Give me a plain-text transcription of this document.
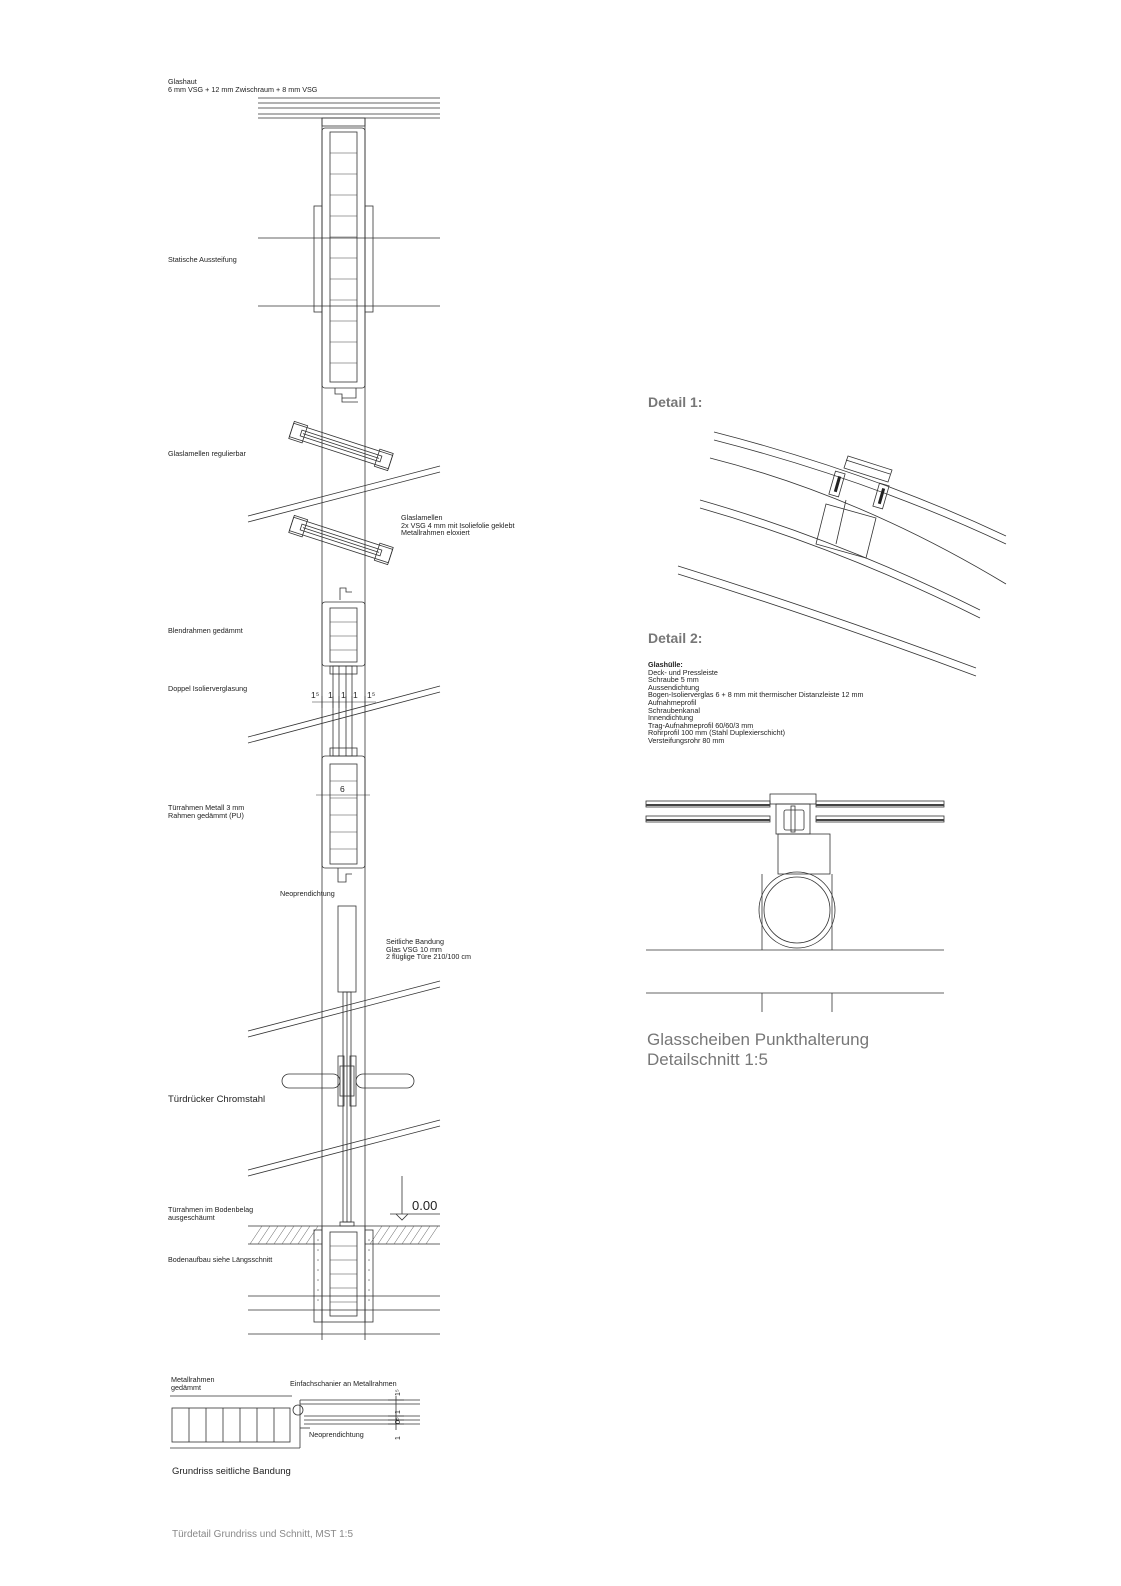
1⁵ 1 1 1 1⁵
6
0.00
1⁵
1
0⁵
1
Glashaut
6 mm VSG + 12 mm Zwischraum + 8 mm VSG
Statische Aussteifung
Glaslamellen regulierbar
Glaslamellen
2x VSG 4 mm mit Isoliefolie geklebt
Metallrahmen eloxiert
Blendrahmen gedämmt
Doppel Isolierverglasung
Türrahmen Metall 3 mm
Rahmen gedämmt (PU)
Neoprendichtung
Seitliche Bandung
Glas VSG 10 mm
2 flüglige Türe 210/100 cm
Türdrücker Chromstahl
Türrahmen im Bodenbelag
ausgeschäumt
Bodenaufbau siehe Längsschnitt
Metallrahmen
gedämmt	Einfachschanier an Metallrahmen
Neoprendichtung
Grundriss seitliche Bandung
Türdetail Grundriss und Schnitt, MST 1:5
Detail 1:
Detail 2:
Glashülle:
Deck- und Pressleiste
Schraube 5 mm
Aussendichtung
Bogen-Isolierverglas 6 + 8 mm mit thermischer Distanzleiste 12 mm
Aufnahmeprofil
Schraubenkanal
Innendichtung
Trag-Aufnahmeprofil 60/60/3 mm
Rohrprofil 100 mm (Stahl Duplexierschicht)
Versteifungsrohr 80 mm
Glasscheiben Punkthalterung
Detailschnitt 1:5
